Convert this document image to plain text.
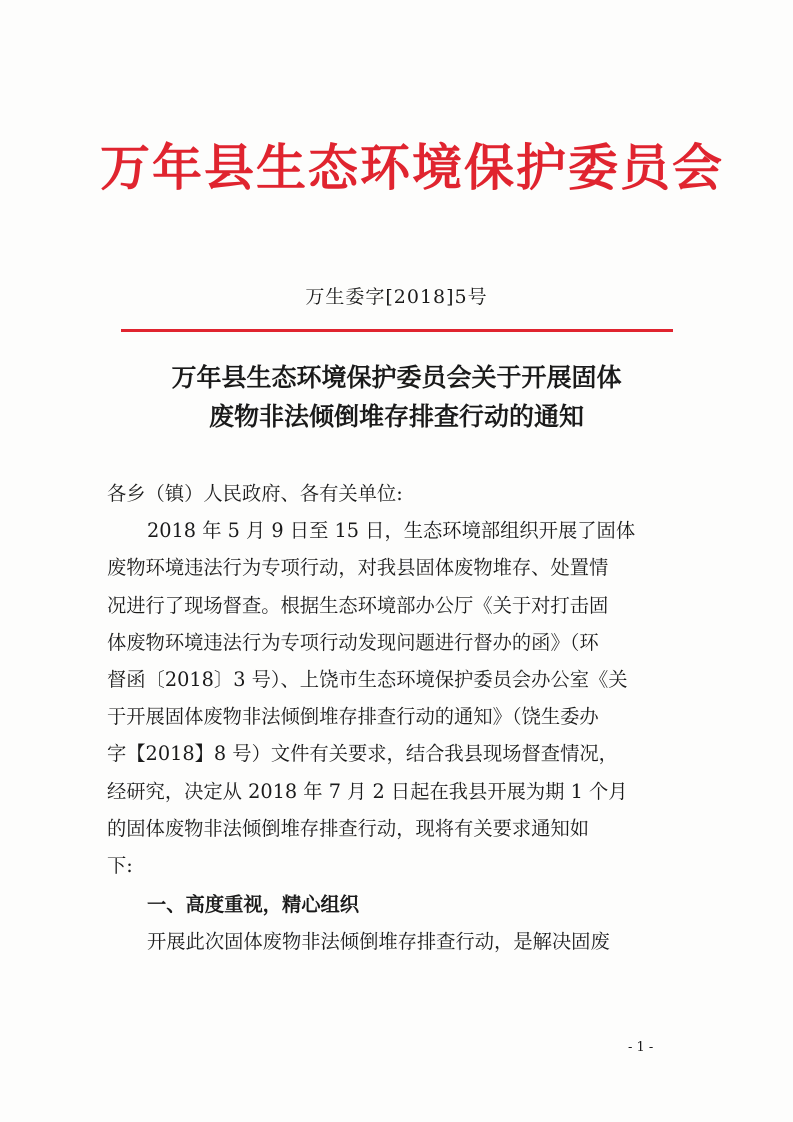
万年县生态环境保护委员会
万生委字[2018]5号
万年县生态环境保护委员会关于开展固体
废物非法倾倒堆存排查行动的通知
各乡（镇）人民政府、各有关单位:
2018 年 5 月 9 日至 15 日，生态环境部组织开展了固体
废物环境违法行为专项行动，对我县固体废物堆存、处置情
况进行了现场督查。根据生态环境部办公厅《关于对打击固
体废物环境违法行为专项行动发现问题进行督办的函》（环
督函〔2018〕3 号）、上饶市生态环境保护委员会办公室《关
于开展固体废物非法倾倒堆存排查行动的通知》（饶生委办
字【2018】8 号）文件有关要求，结合我县现场督查情况，
经研究，决定从 2018 年 7 月 2 日起在我县开展为期 1 个月
的固体废物非法倾倒堆存排查行动，现将有关要求通知如
下:
一、高度重视，精心组织
开展此次固体废物非法倾倒堆存排查行动，是解决固废
- 1 -
